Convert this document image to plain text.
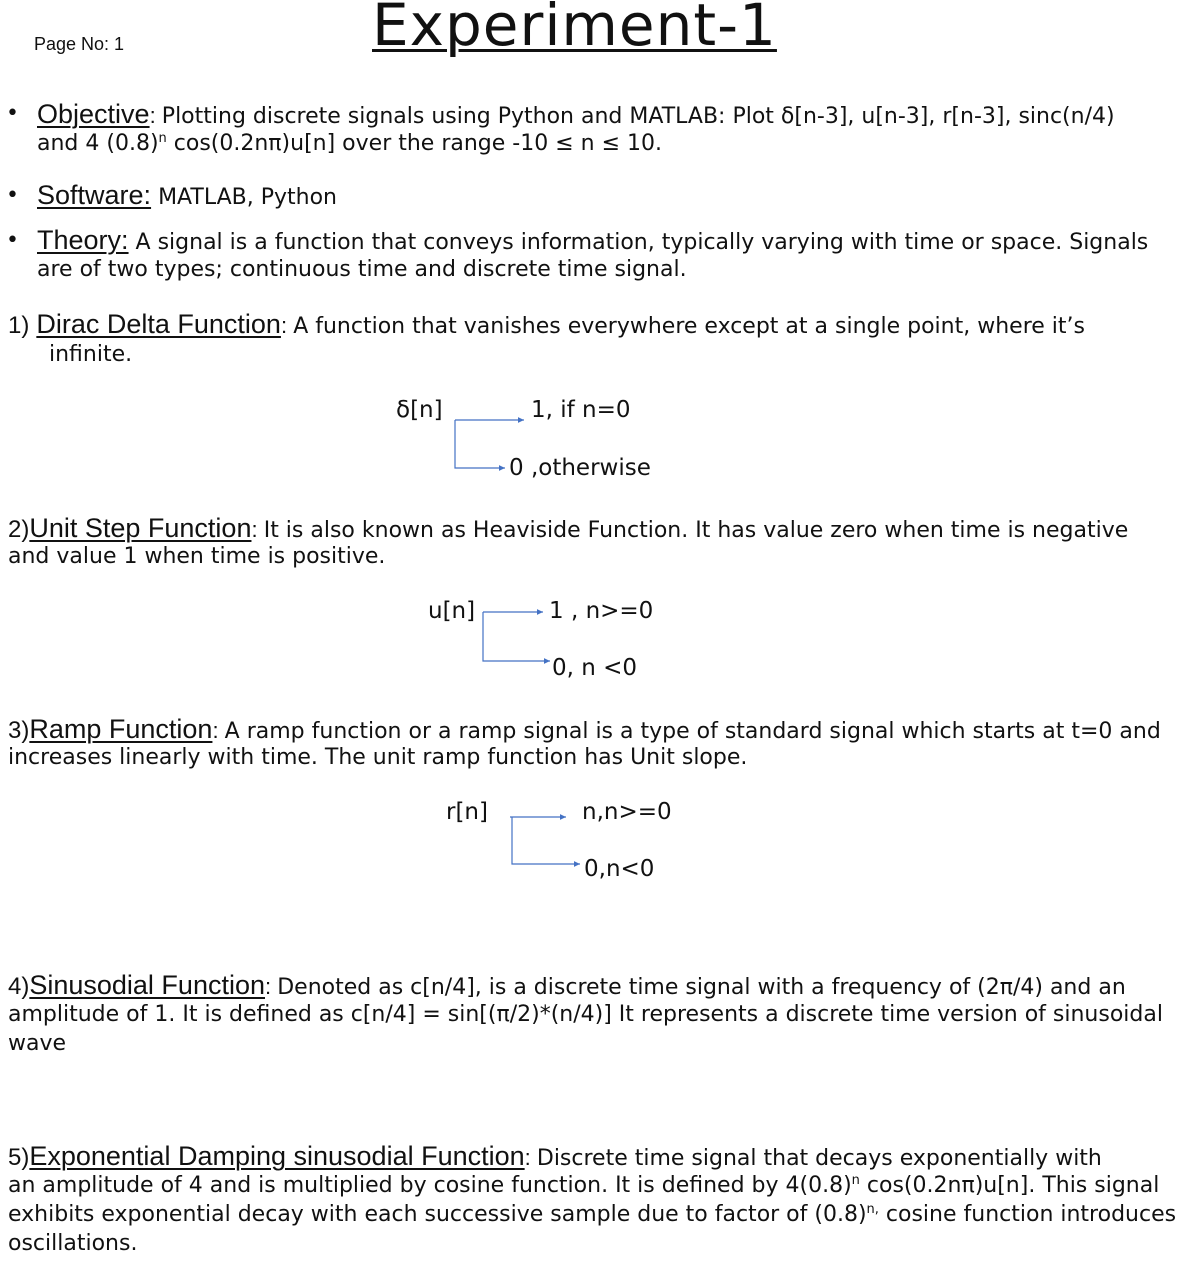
Page No: 1	Experiment-1
• Objective: Plotting discrete signals using Python and MATLAB: Plot δ[n-3], u[n-3], r[n-3], sinc(n/4)
and 4 $(0.8)^n$ cos(0.2nπ)u[n] over the range -10 ≤ n ≤ 10.
• Software: MATLAB, Python
• Theory: A signal is a function that conveys information, typically varying with time or space. Signals
are of two types; continuous time and discrete time signal.
1) Dirac Delta Function: A function that vanishes everywhere except at a single point, where it’s
infinite.
δ[n]	1, if n=0
0 ,otherwise
2)Unit Step Function: It is also known as Heaviside Function. It has value zero when time is negative
and value 1 when time is positive.
u[n]	1 , n>=0
0, n <0
3)Ramp Function: A ramp function or a ramp signal is a type of standard signal which starts at t=0 and
increases linearly with time. The unit ramp function has Unit slope.
r[n]	n,n>=0
0,n<0
4)Sinusodial Function: Denoted as c[n/4], is a discrete time signal with a frequency of (2π/4) and an
amplitude of 1. It is defined as c[n/4] = sin[(π/2)*(n/4)] It represents a discrete time version of sinusoidal
wave
5)Exponential Damping sinusodial Function: Discrete time signal that decays exponentially with
an amplitude of 4 and is multiplied by cosine function. It is defined by $4(0.8)^n$ cos(0.2nπ)u[n]. This signal
exhibits exponential decay with each successive sample due to factor of $(0.8)^{n,}$ cosine function introduces
oscillations.
